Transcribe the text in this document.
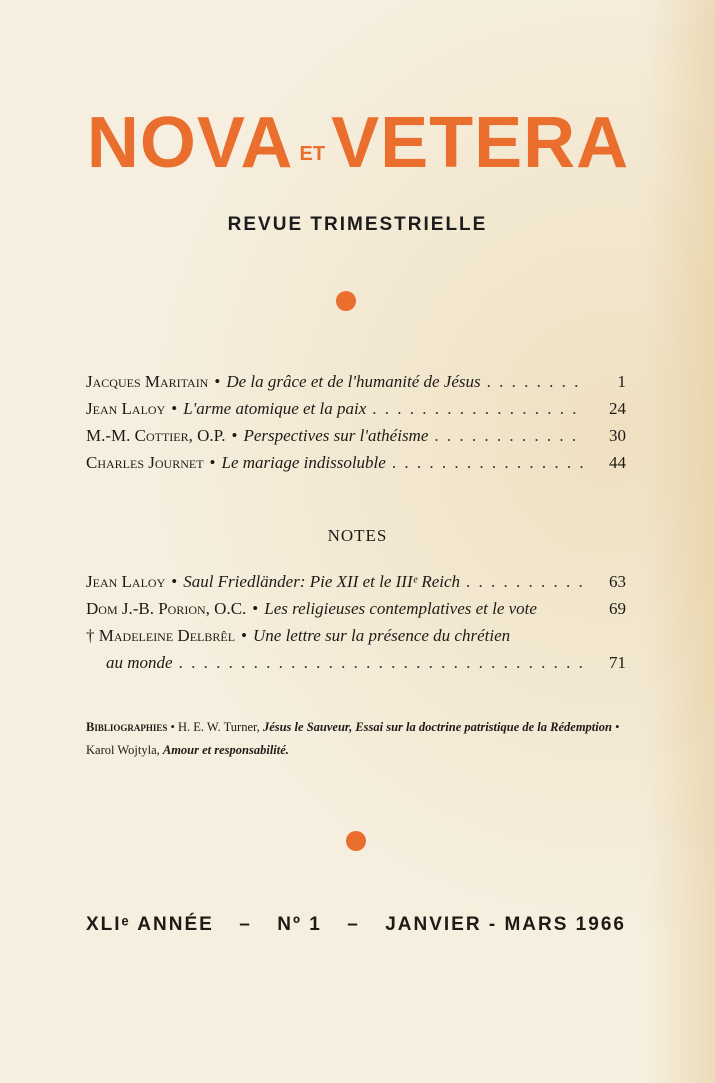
NOVA ET VETERA
REVUE TRIMESTRIELLE
Jacques Maritain • De la grâce et de l'humanité de Jésus . . .	1
Jean Laloy • L'arme atomique et la paix . . .	24
M.-M. Cottier, O.P. • Perspectives sur l'athéisme . . .	30
Charles Journet • Le mariage indissoluble . . .	44
NOTES
Jean Laloy • Saul Friedländer: Pie XII et le IIIᵉ Reich . . .	63
Dom J.-B. Porion, O.C. • Les religieuses contemplatives et le vote	69
† Madeleine Delbrêl • Une lettre sur la présence du chrétien
au monde . . .	71
Bibliographies • H. E. W. Turner, Jésus le Sauveur, Essai sur la doctrine patristique de la Rédemption • Karol Wojtyla, Amour et responsabilité.
XLIᵉ ANNÉE – Nº 1 – JANVIER - MARS 1966
